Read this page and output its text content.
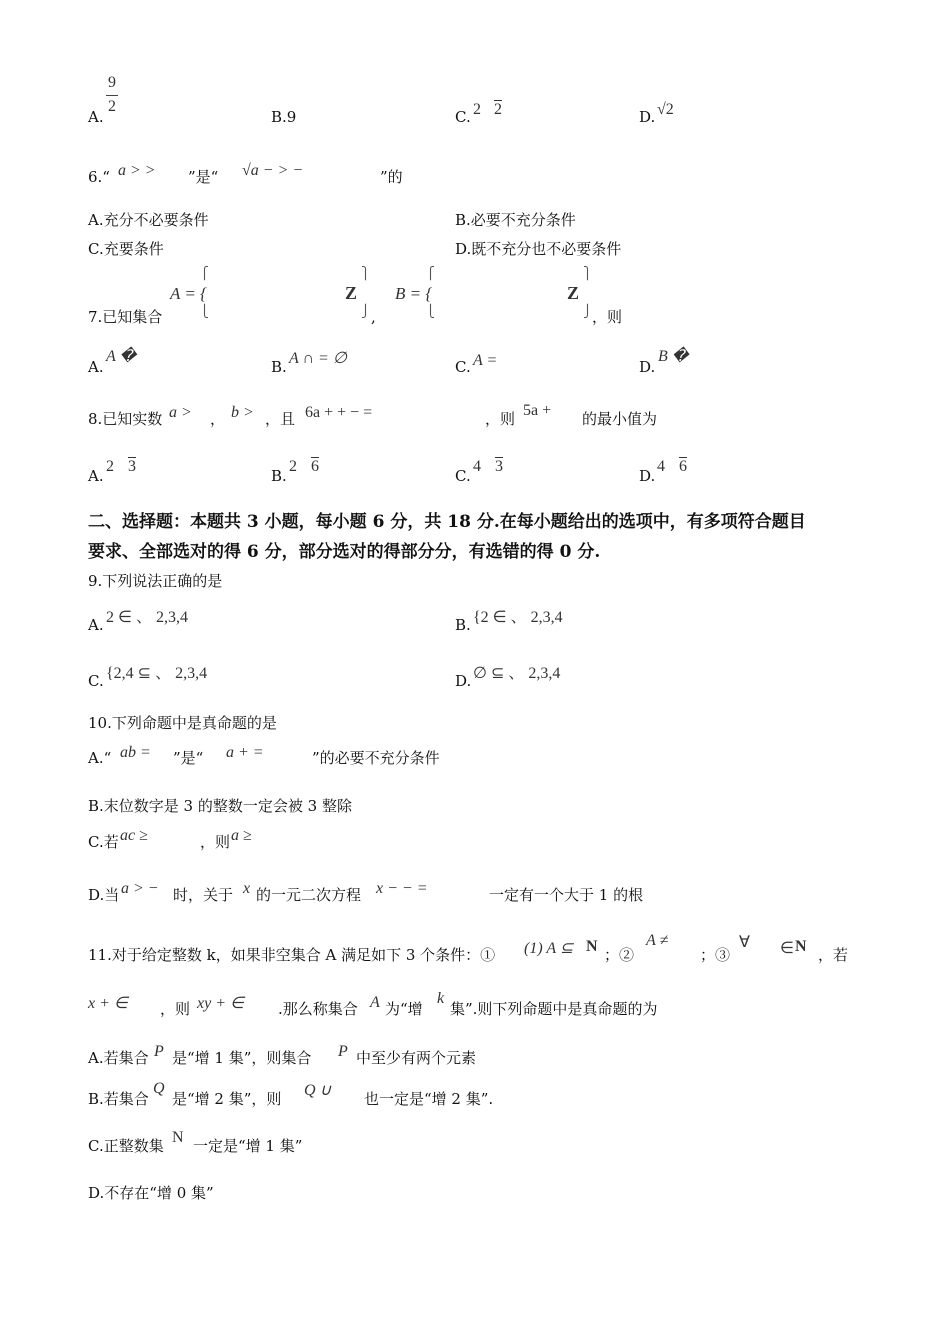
A.
9
2
B.9	C. 2 2	D. √2
6.“ a > > ”是“ √a − > −	”的
A.充分不必要条件	B.必要不充分条件
C.充要条件	D.既不充分也不必要条件
7.已知集合
A = {
⎧
⎩
Z
⎫
⎭ ,
B = {
⎧
⎩
Z
⎫
⎭ ，则
A.
A �
B. A ∩ = ∅	C. A =	D.
B �
8.已知实数 a > ， b > ，且 6a + + − =	，则 5a + 的最小值为
A.
2 3
B.
2 6
C.
4 3
D.
4 6
二、选择题：本题共 3 小题，每小题 6 分，共 18 分.在每小题给出的选项中，有多项符合题目
要求、全部选对的得 6 分，部分选对的得部分分，有选错的得 0 分.
9.下列说法正确的是
A. 2 ∈ 、 2,3,4	B. {2 ∈ 、 2,3,4
C. {2,4 ⊆ 、 2,3,4	D. ∅ ⊆ 、 2,3,4
10.下列命题中是真命题的是
A.“ ab = ”是“ a + =	”的必要不充分条件
B.末位数字是 3 的整数一定会被 3 整除
C.若 ac ≥	，则 a ≥
D.当 a > − 时，关于 x 的一元二次方程 x − − =	一定有一个大于 1 的根
11.对于给定整数 k，如果非空集合 A 满足如下 3 个条件：① (1) A ⊆ N ；②
A ≠
；③
∀ ∈ N ，若
x + ∈ ，则 xy + ∈ .那么称集合 A 为“增
k
集”.则下列命题中是真命题的为
A.若集合 P 是“增 1 集”，则集合 P 中至少有两个元素
B.若集合
Q
是“增 2 集”，则 Q ∪ 也一定是“增 2 集”.
C.正整数集 N 一定是“增 1 集”
D.不存在“增 0 集”
